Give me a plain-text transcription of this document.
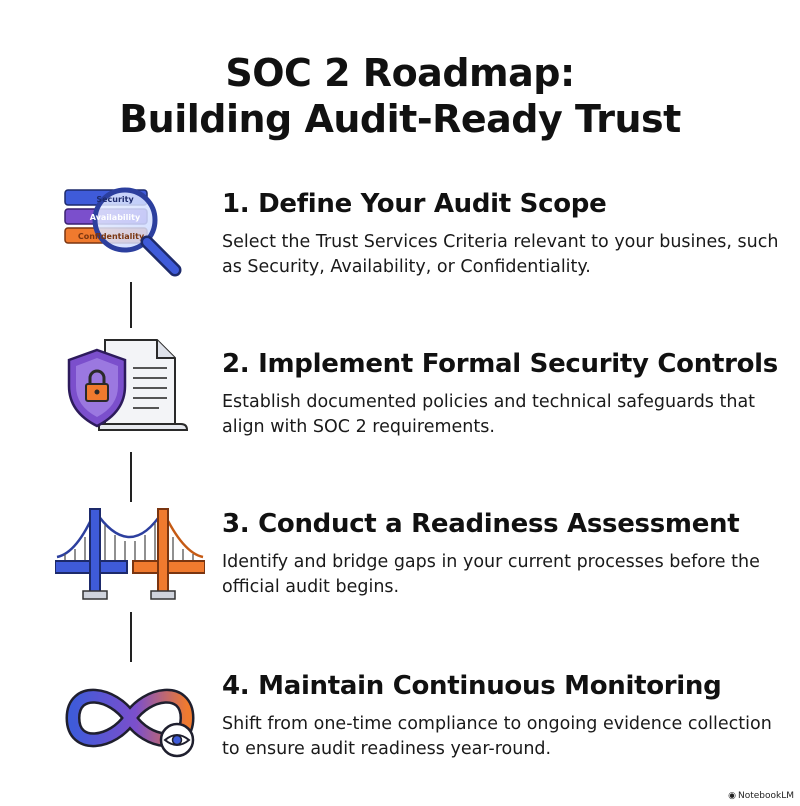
SOC 2 Roadmap:
Building Audit-Ready Trust
Security
Availability
Confidentiality
1. Define Your Audit Scope
Select the Trust Services Criteria relevant to your busines, such as Security, Availability, or Confidentiality.
2. Implement Formal Security Controls
Establish documented policies and technical safeguards that align with SOC 2 requirements.
3. Conduct a Readiness Assessment
Identify and bridge gaps in your current processes before the official audit begins.
4. Maintain Continuous Monitoring
Shift from one-time compliance to ongoing evidence collection to ensure audit readiness year-round.
◉ NotebookLM
